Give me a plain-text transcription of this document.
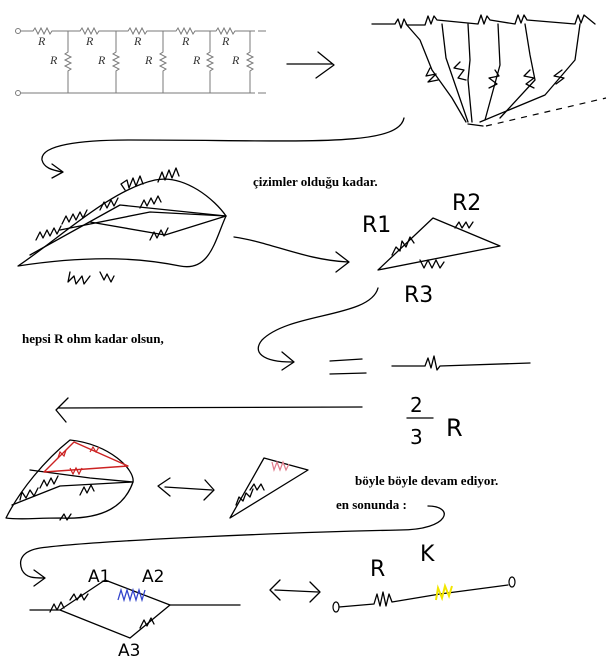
R	R	R	R	R
R	R	R	R	R
çizimler olduğu kadar.
R1
R2
R3
hepsi R ohm kadar olsun,
2
3 R
böyle böyle devam ediyor.
en sonunda :
A1 A2
A3
R
K
